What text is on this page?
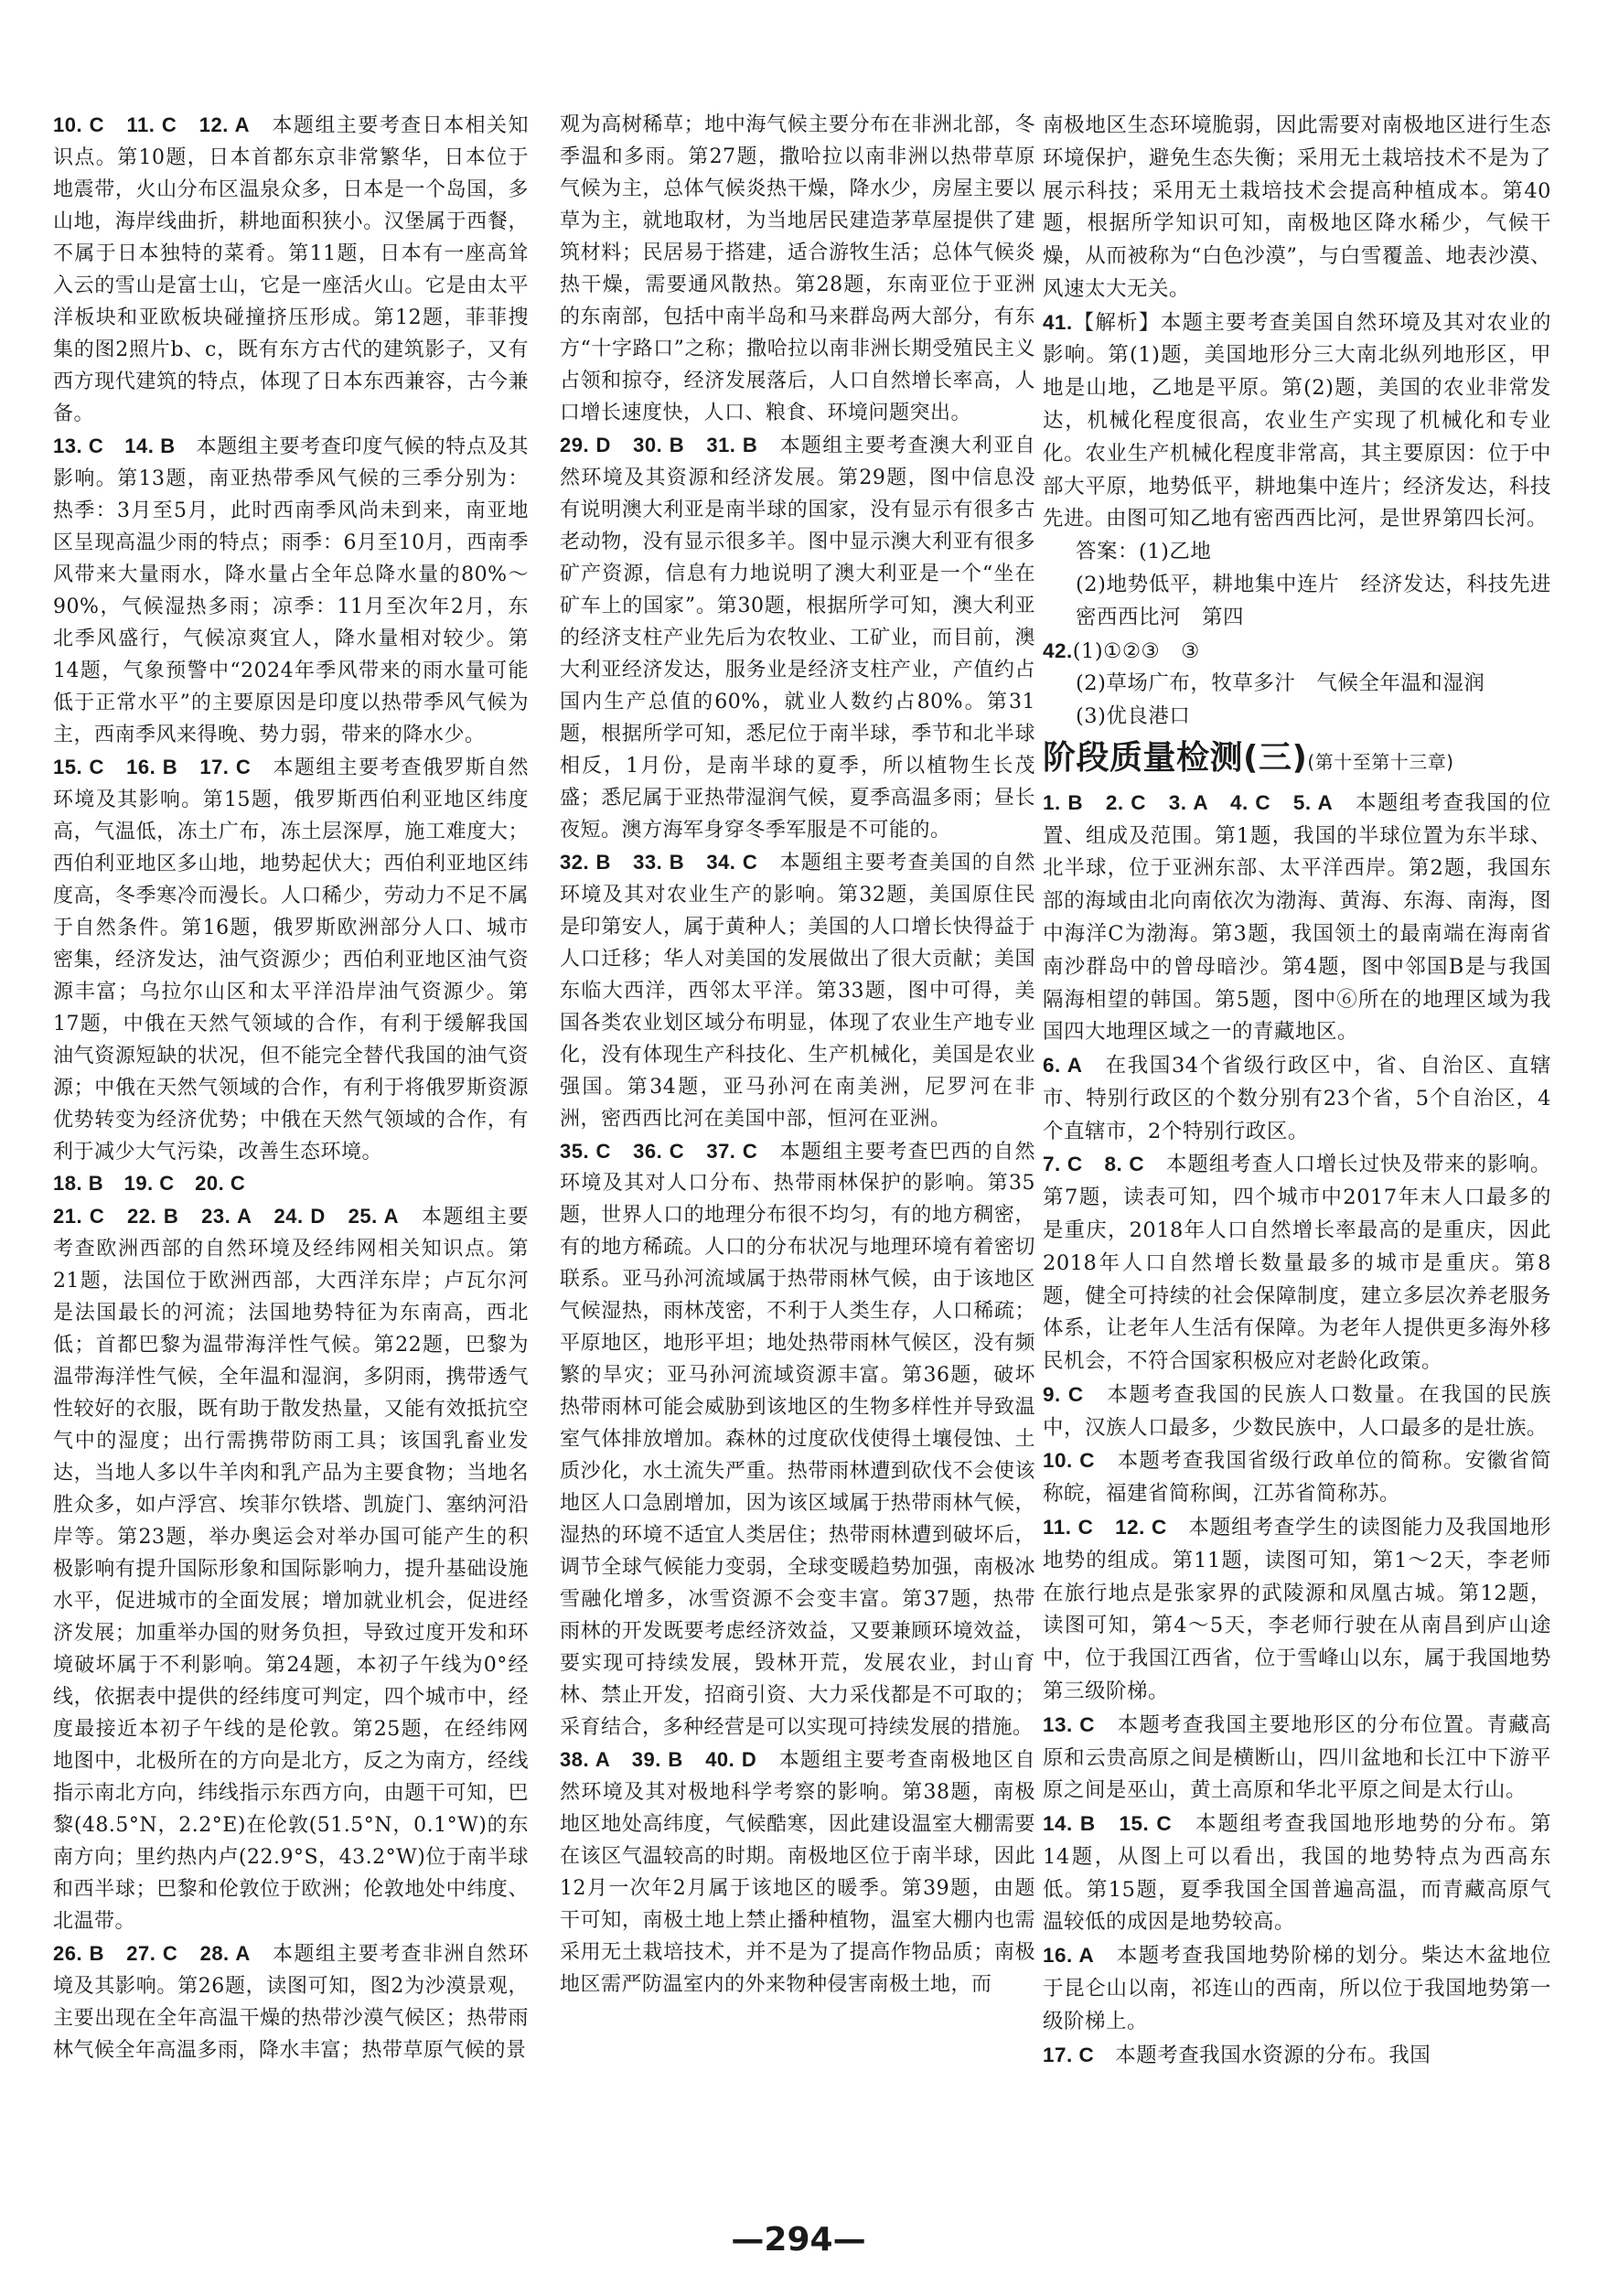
10. C　11. C　12. A　本题组主要考查日本相关知识点。第10题，日本首都东京非常繁华，日本位于地震带，火山分布区温泉众多，日本是一个岛国，多山地，海岸线曲折，耕地面积狭小。汉堡属于西餐，不属于日本独特的菜肴。第11题，日本有一座高耸入云的雪山是富士山，它是一座活火山。它是由太平洋板块和亚欧板块碰撞挤压形成。第12题，菲菲搜集的图2照片b、c，既有东方古代的建筑影子，又有西方现代建筑的特点，体现了日本东西兼容，古今兼备。

13. C　14. B　本题组主要考查印度气候的特点及其影响。第13题，南亚热带季风气候的三季分别为：热季：3月至5月，此时西南季风尚未到来，南亚地区呈现高温少雨的特点；雨季：6月至10月，西南季风带来大量雨水，降水量占全年总降水量的80%～90%，气候湿热多雨；凉季：11月至次年2月，东北季风盛行，气候凉爽宜人，降水量相对较少。第14题，气象预警中“2024年季风带来的雨水量可能低于正常水平”的主要原因是印度以热带季风气候为主，西南季风来得晚、势力弱，带来的降水少。

15. C　16. B　17. C　本题组主要考查俄罗斯自然环境及其影响。第15题，俄罗斯西伯利亚地区纬度高，气温低，冻土广布，冻土层深厚，施工难度大；西伯利亚地区多山地，地势起伏大；西伯利亚地区纬度高，冬季寒冷而漫长。人口稀少，劳动力不足不属于自然条件。第16题，俄罗斯欧洲部分人口、城市密集，经济发达，油气资源少；西伯利亚地区油气资源丰富；乌拉尔山区和太平洋沿岸油气资源少。第17题，中俄在天然气领域的合作，有利于缓解我国油气资源短缺的状况，但不能完全替代我国的油气资源；中俄在天然气领域的合作，有利于将俄罗斯资源优势转变为经济优势；中俄在天然气领域的合作，有利于减少大气污染，改善生态环境。

18. B　19. C　20. C

21. C　22. B　23. A　24. D　25. A　本题组主要考查欧洲西部的自然环境及经纬网相关知识点。第21题，法国位于欧洲西部，大西洋东岸；卢瓦尔河是法国最长的河流；法国地势特征为东南高，西北低；首都巴黎为温带海洋性气候。第22题，巴黎为温带海洋性气候，全年温和湿润，多阴雨，携带透气性较好的衣服，既有助于散发热量，又能有效抵抗空气中的湿度；出行需携带防雨工具；该国乳畜业发达，当地人多以牛羊肉和乳产品为主要食物；当地名胜众多，如卢浮宫、埃菲尔铁塔、凯旋门、塞纳河沿岸等。第23题，举办奥运会对举办国可能产生的积极影响有提升国际形象和国际影响力，提升基础设施水平，促进城市的全面发展；增加就业机会，促进经济发展；加重举办国的财务负担，导致过度开发和环境破坏属于不利影响。第24题，本初子午线为0°经线，依据表中提供的经纬度可判定，四个城市中，经度最接近本初子午线的是伦敦。第25题，在经纬网地图中，北极所在的方向是北方，反之为南方，经线指示南北方向，纬线指示东西方向，由题干可知，巴黎(48.5°N，2.2°E)在伦敦(51.5°N，0.1°W)的东南方向；里约热内卢(22.9°S，43.2°W)位于南半球和西半球；巴黎和伦敦位于欧洲；伦敦地处中纬度、北温带。

26. B　27. C　28. A　本题组主要考查非洲自然环境及其影响。第26题，读图可知，图2为沙漠景观，主要出现在全年高温干燥的热带沙漠气候区；热带雨林气候全年高温多雨，降水丰富；热带草原气候的景

观为高树稀草；地中海气候主要分布在非洲北部，冬季温和多雨。第27题，撒哈拉以南非洲以热带草原气候为主，总体气候炎热干燥，降水少，房屋主要以草为主，就地取材，为当地居民建造茅草屋提供了建筑材料；民居易于搭建，适合游牧生活；总体气候炎热干燥，需要通风散热。第28题，东南亚位于亚洲的东南部，包括中南半岛和马来群岛两大部分，有东方“十字路口”之称；撒哈拉以南非洲长期受殖民主义占领和掠夺，经济发展落后，人口自然增长率高，人口增长速度快，人口、粮食、环境问题突出。

29. D　30. B　31. B　本题组主要考查澳大利亚自然环境及其资源和经济发展。第29题，图中信息没有说明澳大利亚是南半球的国家，没有显示有很多古老动物，没有显示很多羊。图中显示澳大利亚有很多矿产资源，信息有力地说明了澳大利亚是一个“坐在矿车上的国家”。第30题，根据所学可知，澳大利亚的经济支柱产业先后为农牧业、工矿业，而目前，澳大利亚经济发达，服务业是经济支柱产业，产值约占国内生产总值的60%，就业人数约占80%。第31题，根据所学可知，悉尼位于南半球，季节和北半球相反，1月份，是南半球的夏季，所以植物生长茂盛；悉尼属于亚热带湿润气候，夏季高温多雨；昼长夜短。澳方海军身穿冬季军服是不可能的。

32. B　33. B　34. C　本题组主要考查美国的自然环境及其对农业生产的影响。第32题，美国原住民是印第安人，属于黄种人；美国的人口增长快得益于人口迁移；华人对美国的发展做出了很大贡献；美国东临大西洋，西邻太平洋。第33题，图中可得，美国各类农业划区域分布明显，体现了农业生产地专业化，没有体现生产科技化、生产机械化，美国是农业强国。第34题，亚马孙河在南美洲，尼罗河在非洲，密西西比河在美国中部，恒河在亚洲。

35. C　36. C　37. C　本题组主要考查巴西的自然环境及其对人口分布、热带雨林保护的影响。第35题，世界人口的地理分布很不均匀，有的地方稠密，有的地方稀疏。人口的分布状况与地理环境有着密切联系。亚马孙河流域属于热带雨林气候，由于该地区气候湿热，雨林茂密，不利于人类生存，人口稀疏；平原地区，地形平坦；地处热带雨林气候区，没有频繁的旱灾；亚马孙河流域资源丰富。第36题，破坏热带雨林可能会威胁到该地区的生物多样性并导致温室气体排放增加。森林的过度砍伐使得土壤侵蚀、土质沙化，水土流失严重。热带雨林遭到砍伐不会使该地区人口急剧增加，因为该区域属于热带雨林气候，湿热的环境不适宜人类居住；热带雨林遭到破坏后，调节全球气候能力变弱，全球变暖趋势加强，南极冰雪融化增多，冰雪资源不会变丰富。第37题，热带雨林的开发既要考虑经济效益，又要兼顾环境效益，要实现可持续发展，毁林开荒，发展农业，封山育林、禁止开发，招商引资、大力采伐都是不可取的；采育结合，多种经营是可以实现可持续发展的措施。

38. A　39. B　40. D　本题组主要考查南极地区自然环境及其对极地科学考察的影响。第38题，南极地区地处高纬度，气候酷寒，因此建设温室大棚需要在该区气温较高的时期。南极地区位于南半球，因此12月一次年2月属于该地区的暖季。第39题，由题干可知，南极土地上禁止播种植物，温室大棚内也需采用无土栽培技术，并不是为了提高作物品质；南极地区需严防温室内的外来物种侵害南极土地，而

南极地区生态环境脆弱，因此需要对南极地区进行生态环境保护，避免生态失衡；采用无土栽培技术不是为了展示科技；采用无土栽培技术会提高种植成本。第40题，根据所学知识可知，南极地区降水稀少，气候干燥，从而被称为“白色沙漠”，与白雪覆盖、地表沙漠、风速太大无关。

41.【解析】本题主要考查美国自然环境及其对农业的影响。第(1)题，美国地形分三大南北纵列地形区，甲地是山地，乙地是平原。第(2)题，美国的农业非常发达，机械化程度很高，农业生产实现了机械化和专业化。农业生产机械化程度非常高，其主要原因：位于中部大平原，地势低平，耕地集中连片；经济发达，科技先进。由图可知乙地有密西西比河，是世界第四长河。

答案：(1)乙地

(2)地势低平，耕地集中连片　经济发达，科技先进　密西西比河　第四

42.(1)①②③　③

(2)草场广布，牧草多汁　气候全年温和湿润

(3)优良港口

阶段质量检测(三)(第十至第十三章)

1. B　2. C　3. A　4. C　5. A　本题组考查我国的位置、组成及范围。第1题，我国的半球位置为东半球、北半球，位于亚洲东部、太平洋西岸。第2题，我国东部的海域由北向南依次为渤海、黄海、东海、南海，图中海洋C为渤海。第3题，我国领土的最南端在海南省南沙群岛中的曾母暗沙。第4题，图中邻国B是与我国隔海相望的韩国。第5题，图中⑥所在的地理区域为我国四大地理区域之一的青藏地区。

6. A　在我国34个省级行政区中，省、自治区、直辖市、特别行政区的个数分别有23个省，5个自治区，4个直辖市，2个特别行政区。

7. C　8. C　本题组考查人口增长过快及带来的影响。第7题，读表可知，四个城市中2017年末人口最多的是重庆，2018年人口自然增长率最高的是重庆，因此2018年人口自然增长数量最多的城市是重庆。第8题，健全可持续的社会保障制度，建立多层次养老服务体系，让老年人生活有保障。为老年人提供更多海外移民机会，不符合国家积极应对老龄化政策。

9. C　本题考查我国的民族人口数量。在我国的民族中，汉族人口最多，少数民族中，人口最多的是壮族。

10. C　本题考查我国省级行政单位的简称。安徽省简称皖，福建省简称闽，江苏省简称苏。

11. C　12. C　本题组考查学生的读图能力及我国地形地势的组成。第11题，读图可知，第1～2天，李老师在旅行地点是张家界的武陵源和凤凰古城。第12题，读图可知，第4～5天，李老师行驶在从南昌到庐山途中，位于我国江西省，位于雪峰山以东，属于我国地势第三级阶梯。

13. C　本题考查我国主要地形区的分布位置。青藏高原和云贵高原之间是横断山，四川盆地和长江中下游平原之间是巫山，黄土高原和华北平原之间是太行山。

14. B　15. C　本题组考查我国地形地势的分布。第14题，从图上可以看出，我国的地势特点为西高东低。第15题，夏季我国全国普遍高温，而青藏高原气温较低的成因是地势较高。

16. A　本题考查我国地势阶梯的划分。柴达木盆地位于昆仑山以南，祁连山的西南，所以位于我国地势第一级阶梯上。

17. C　本题考查我国水资源的分布。我国

—294—
